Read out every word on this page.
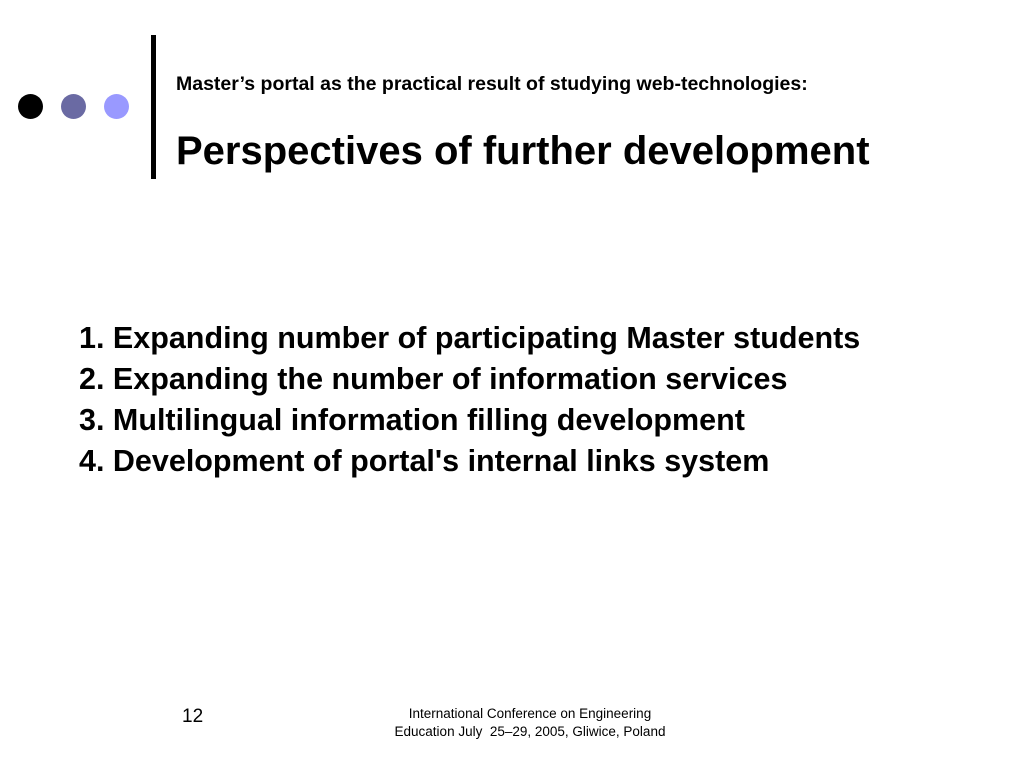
Master’s portal as the practical result of studying web-technologies:
Perspectives of further development
1. Expanding number of participating Master students
2. Expanding the number of information services
3. Multilingual information filling development
4. Development of portal's internal links system
12	International Conference on Engineering
Education July  25–29, 2005, Gliwice, Poland
